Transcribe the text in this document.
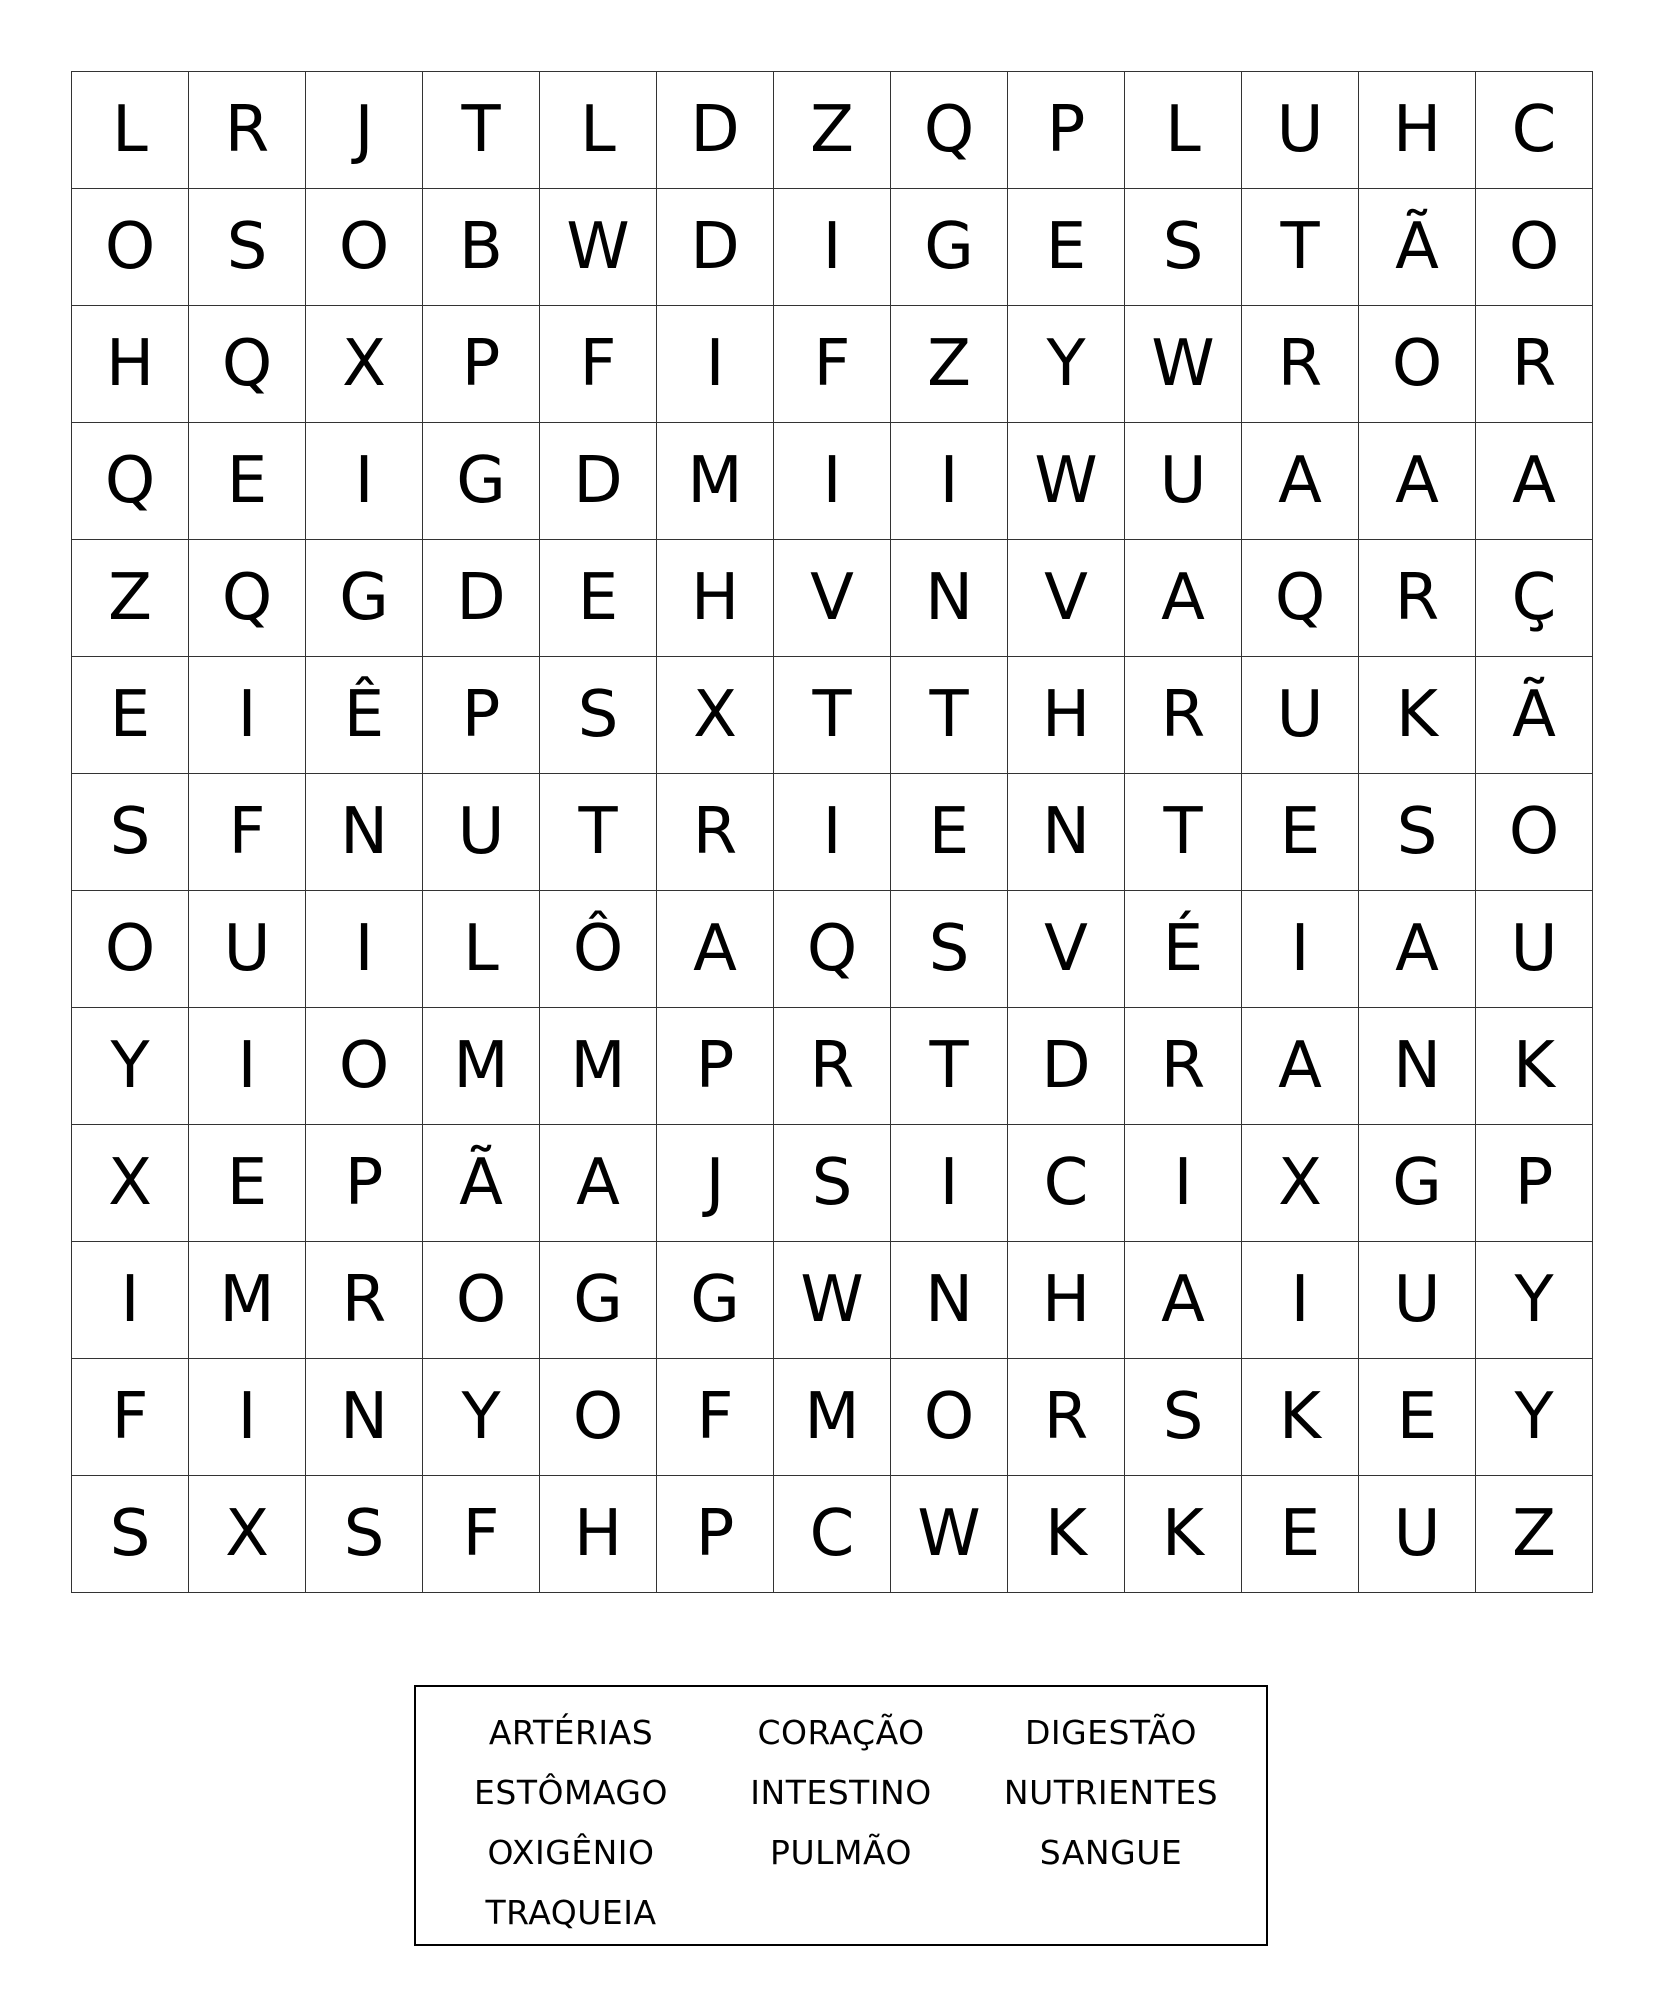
L	R	J	T	L	D	Z	Q	P	L	U	H	C
O	S	O	B	W	D	I	G	E	S	T	Ã	O
H	Q	X	P	F	I	F	Z	Y	W	R	O	R
Q	E	I	G	D	M	I	I	W	U	A	A	A
Z	Q	G	D	E	H	V	N	V	A	Q	R	Ç
E	I	Ê	P	S	X	T	T	H	R	U	K	Ã
S	F	N	U	T	R	I	E	N	T	E	S	O
O	U	I	L	Ô	A	Q	S	V	É	I	A	U
Y	I	O	M	M	P	R	T	D	R	A	N	K
X	E	P	Ã	A	J	S	I	C	I	X	G	P
I	M	R	O	G	G	W	N	H	A	I	U	Y
F	I	N	Y	O	F	M	O	R	S	K	E	Y
S	X	S	F	H	P	C	W	K	K	E	U	Z
ARTÉRIAS	CORAÇÃO	DIGESTÃO
ESTÔMAGO	INTESTINO	NUTRIENTES
OXIGÊNIO	PULMÃO	SANGUE
TRAQUEIA
